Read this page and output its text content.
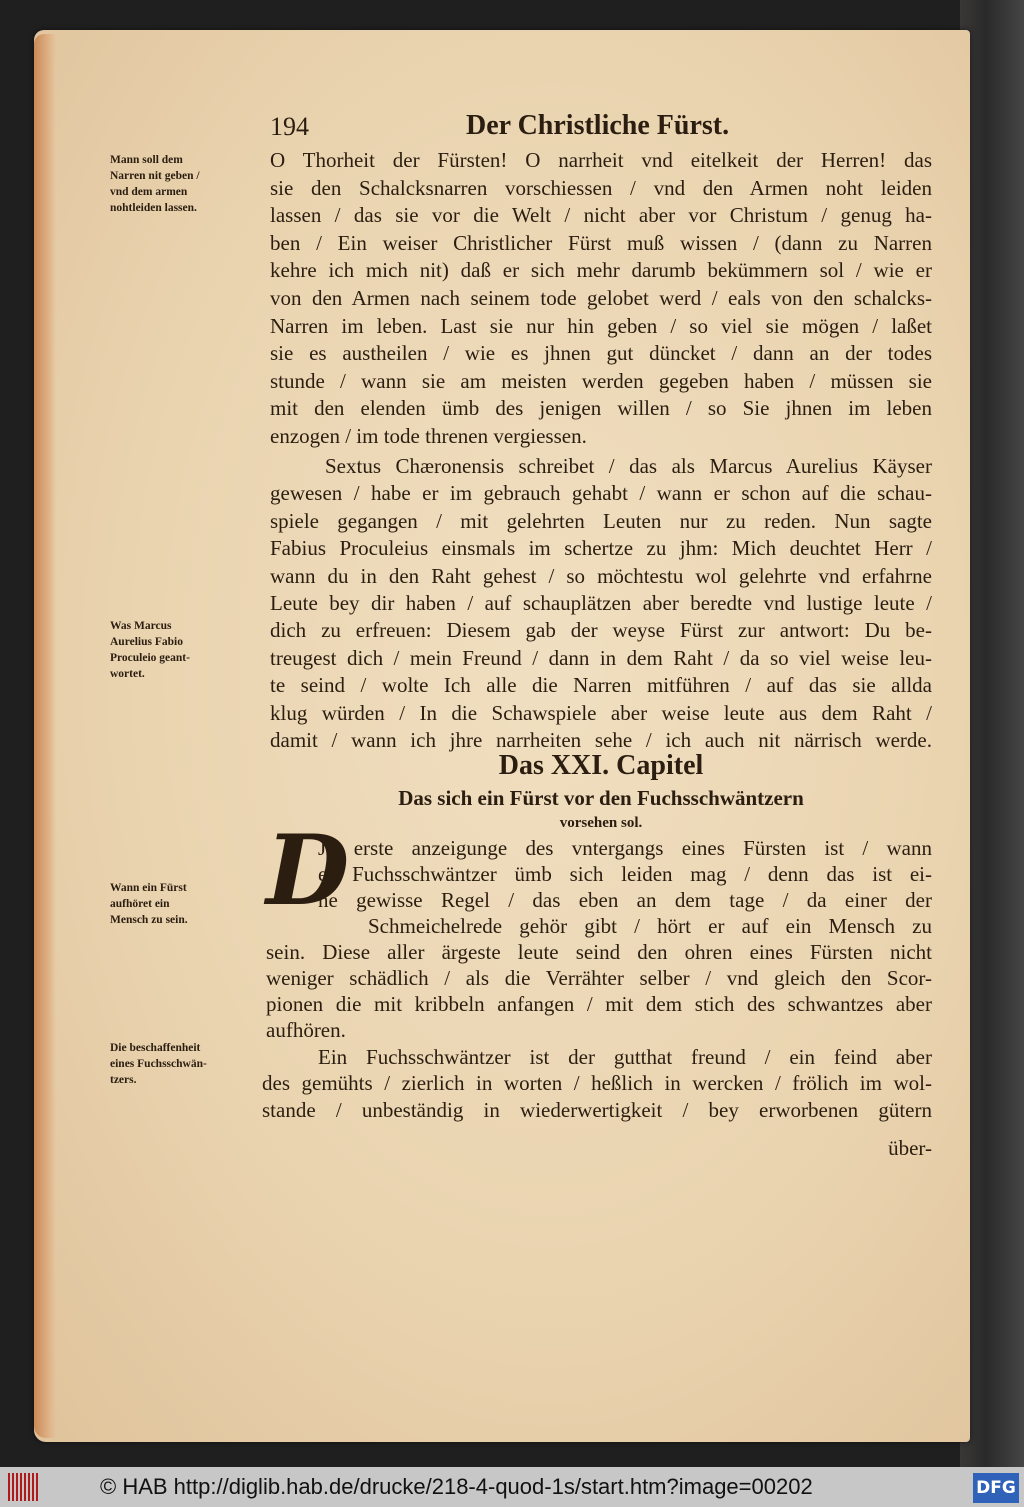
194	Der Christliche Fürst.
D
O Thorheit der Fürsten! O narrheit vnd eitelkeit der Herren! das
sie den Schalcksnarren vorschiessen / vnd den Armen noht leiden
lassen / das sie vor die Welt / nicht aber vor Christum / genug ha-
ben / Ein weiser Christlicher Fürst muß wissen / (dann zu Narren
kehre ich mich nit) daß er sich mehr darumb bekümmern sol / wie er
von den Armen nach seinem tode gelobet werd / eals von den schalcks-
Narren im leben. Last sie nur hin geben / so viel sie mögen / laßet
sie es austheilen / wie es jhnen gut düncket / dann an der todes
stunde / wann sie am meisten werden gegeben haben / müssen sie
mit den elenden ümb des jenigen willen / so Sie jhnen im leben
enzogen / im tode threnen vergiessen.
Sextus Chæronensis schreibet / das als Marcus Aurelius Käyser
gewesen / habe er im gebrauch gehabt / wann er schon auf die schau-
spiele gegangen / mit gelehrten Leuten nur zu reden. Nun sagte
Fabius Proculeius einsmals im schertze zu jhm: Mich deuchtet Herr /
wann du in den Raht gehest / so möchtestu wol gelehrte vnd erfahrne
Leute bey dir haben / auf schauplätzen aber beredte vnd lustige leute /
dich zu erfreuen: Diesem gab der weyse Fürst zur antwort: Du be-
treugest dich / mein Freund / dann in dem Raht / da so viel weise leu-
te seind / wolte Ich alle die Narren mitführen / auf das sie allda
klug würden / In die Schawspiele aber weise leute aus dem Raht /
damit / wann ich jhre narrheiten sehe / ich auch nit närrisch werde.
Das XXI. Capitel
Das sich ein Fürst vor den Fuchsschwäntzern
vorsehen sol.
Je erste anzeigunge des vntergangs eines Fürsten ist / wann
er Fuchsschwäntzer ümb sich leiden mag / denn das ist ei-
ne gewisse Regel / das eben an dem tage / da einer der
Schmeichelrede gehör gibt / hört er auf ein Mensch zu
sein. Diese aller ärgeste leute seind den ohren eines Fürsten nicht
weniger schädlich / als die Verrähter selber / vnd gleich den Scor-
pionen die mit kribbeln anfangen / mit dem stich des schwantzes aber
aufhören.
Ein Fuchsschwäntzer ist der gutthat freund / ein feind aber
des gemühts / zierlich in worten / heßlich in wercken / frölich im wol-
stande / unbeständig in wiederwertigkeit / bey erworbenen gütern
über-
Mann soll dem
Narren nit geben /
vnd dem armen
nohtleiden lassen.
Was Marcus
Aurelius Fabio
Proculeio geant-
wortet.
Wann ein Fürst
aufhöret ein
Mensch zu sein.
Die beschaffenheit
eines Fuchsschwän-
tzers.
© HAB http://diglib.hab.de/drucke/218-4-quod-1s/start.htm?image=00202	DFG
